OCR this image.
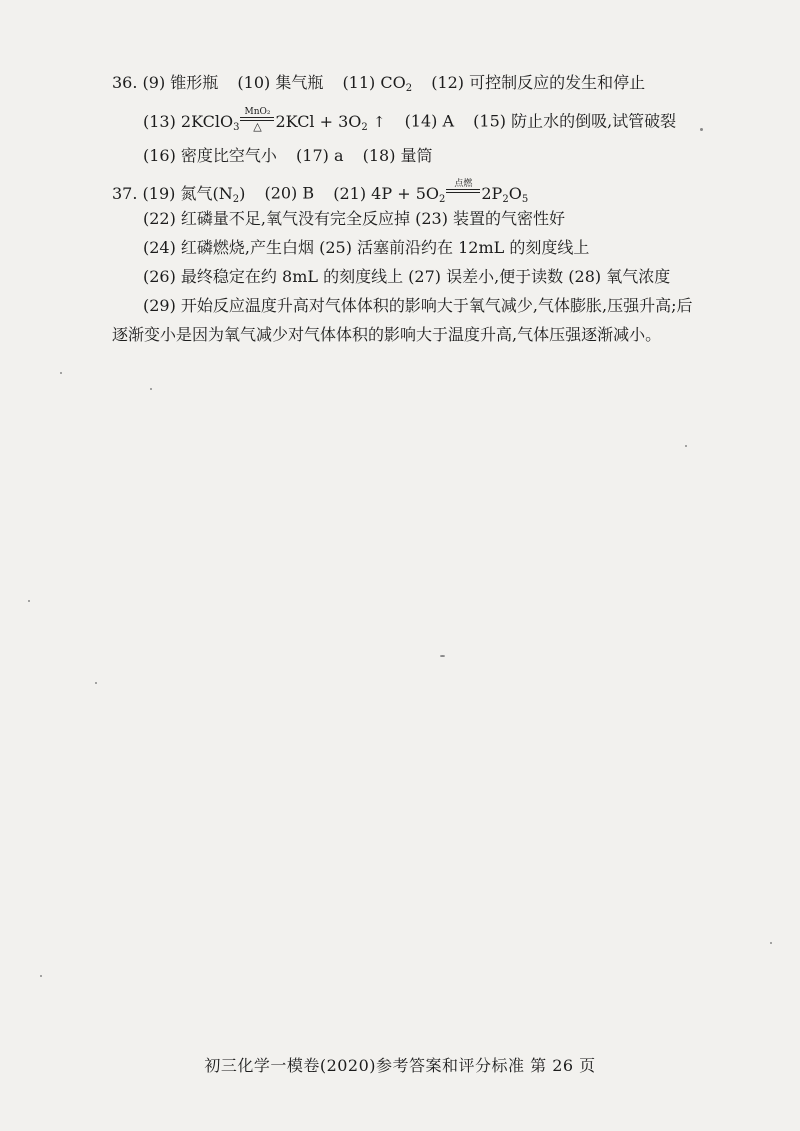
36. (9) 锥形瓶 (10) 集气瓶 (11) $CO_2$ (12) 可控制反应的发生和停止
(13) 2KClO$_3$
MnO₂
△ $2KCl + 3O_2$ ↑ (14) A (15) 防止水的倒吸,试管破裂
(16) 密度比空气小 (17) a (18) 量筒
37. (19) 氮气$(N_2)$ (20) B (21) $4P + 5O_2$
点燃
$2P_2O_5$
(22) 红磷量不足,氧气没有完全反应掉 (23) 装置的气密性好
(24) 红磷燃烧,产生白烟 (25) 活塞前沿约在 12mL 的刻度线上
(26) 最终稳定在约 8mL 的刻度线上 (27) 误差小,便于读数 (28) 氧气浓度
(29) 开始反应温度升高对气体体积的影响大于氧气减少,气体膨胀,压强升高;后
逐渐变小是因为氧气减少对气体体积的影响大于温度升高,气体压强逐渐减小。
初三化学一模卷(2020)参考答案和评分标准 第 26 页
